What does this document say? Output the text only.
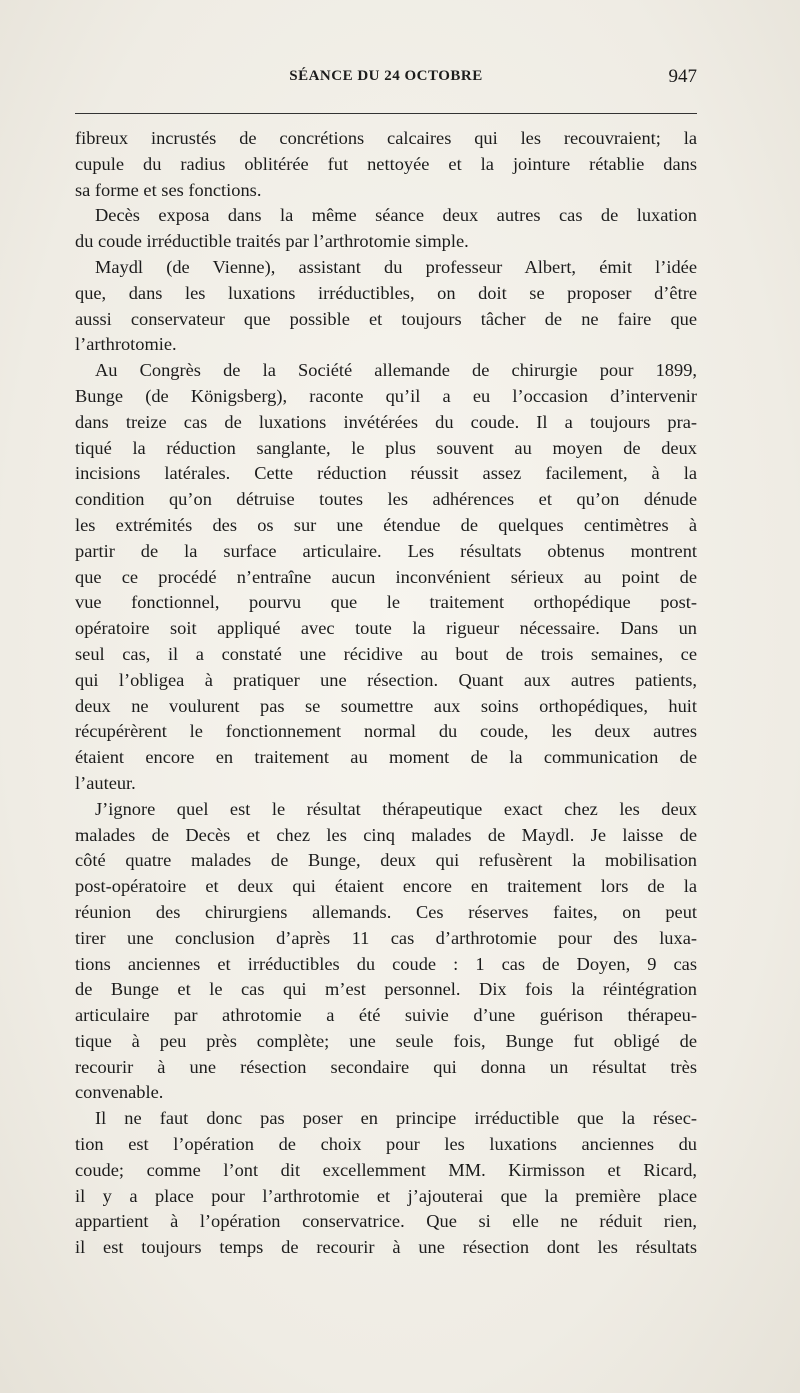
SÉANCE DU 24 OCTOBRE	947
fibreux incrustés de concrétions calcaires qui les recouvraient; la
cupule du radius oblitérée fut nettoyée et la jointure rétablie dans
sa forme et ses fonctions.
Decès exposa dans la même séance deux autres cas de luxation
du coude irréductible traités par l’arthrotomie simple.
Maydl (de Vienne), assistant du professeur Albert, émit l’idée
que, dans les luxations irréductibles, on doit se proposer d’être
aussi conservateur que possible et toujours tâcher de ne faire que
l’arthrotomie.
Au Congrès de la Société allemande de chirurgie pour 1899,
Bunge (de Königsberg), raconte qu’il a eu l’occasion d’intervenir
dans treize cas de luxations invétérées du coude. Il a toujours pra-
tiqué la réduction sanglante, le plus souvent au moyen de deux
incisions latérales. Cette réduction réussit assez facilement, à la
condition qu’on détruise toutes les adhérences et qu’on dénude
les extrémités des os sur une étendue de quelques centimètres à
partir de la surface articulaire. Les résultats obtenus montrent
que ce procédé n’entraîne aucun inconvénient sérieux au point de
vue fonctionnel, pourvu que le traitement orthopédique post-
opératoire soit appliqué avec toute la rigueur nécessaire. Dans un
seul cas, il a constaté une récidive au bout de trois semaines, ce
qui l’obligea à pratiquer une résection. Quant aux autres patients,
deux ne voulurent pas se soumettre aux soins orthopédiques, huit
récupérèrent le fonctionnement normal du coude, les deux autres
étaient encore en traitement au moment de la communication de
l’auteur.
J’ignore quel est le résultat thérapeutique exact chez les deux
malades de Decès et chez les cinq malades de Maydl. Je laisse de
côté quatre malades de Bunge, deux qui refusèrent la mobilisation
post-opératoire et deux qui étaient encore en traitement lors de la
réunion des chirurgiens allemands. Ces réserves faites, on peut
tirer une conclusion d’après 11 cas d’arthrotomie pour des luxa-
tions anciennes et irréductibles du coude : 1 cas de Doyen, 9 cas
de Bunge et le cas qui m’est personnel. Dix fois la réintégration
articulaire par athrotomie a été suivie d’une guérison thérapeu-
tique à peu près complète; une seule fois, Bunge fut obligé de
recourir à une résection secondaire qui donna un résultat très
convenable.
Il ne faut donc pas poser en principe irréductible que la résec-
tion est l’opération de choix pour les luxations anciennes du
coude; comme l’ont dit excellemment MM. Kirmisson et Ricard,
il y a place pour l’arthrotomie et j’ajouterai que la première place
appartient à l’opération conservatrice. Que si elle ne réduit rien,
il est toujours temps de recourir à une résection dont les résultats
